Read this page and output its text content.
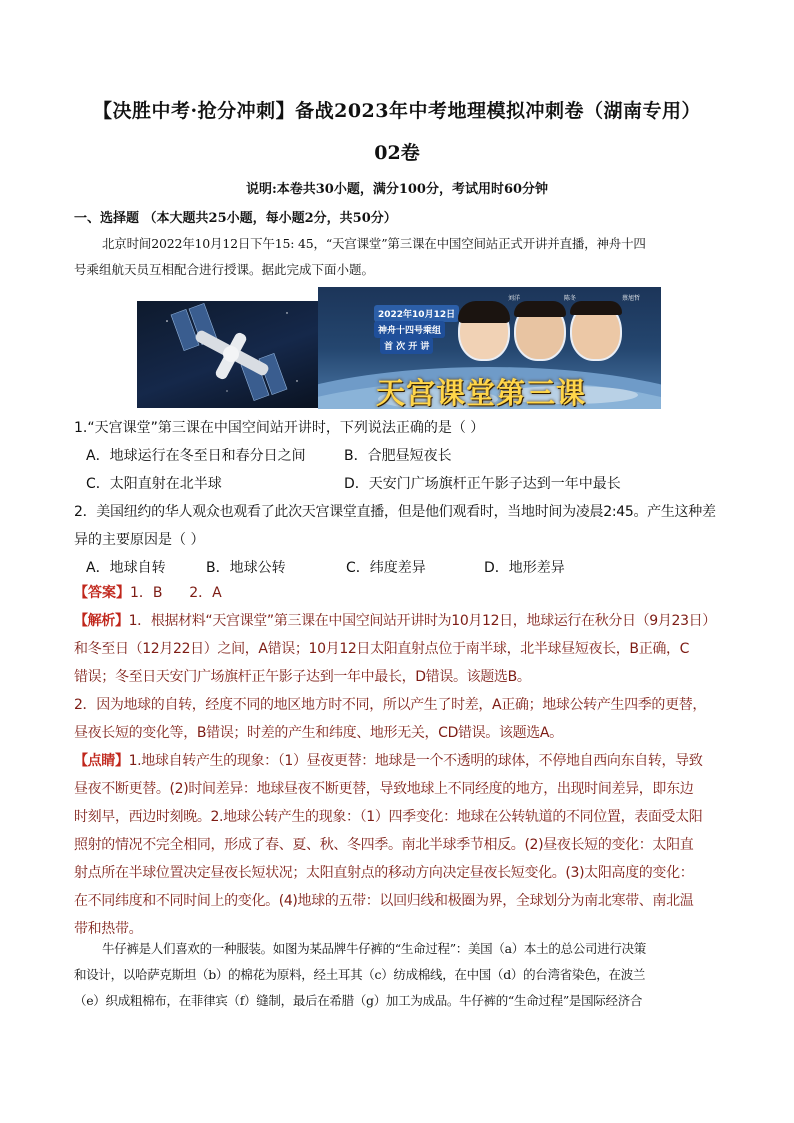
【决胜中考·抢分冲刺】备战2023年中考地理模拟冲刺卷（湖南专用）
02卷
说明:本卷共30小题，满分100分，考试用时60分钟
一、选择题 （本大题共25小题，每小题2分，共50分）
北京时间2022年10月12日下午15: 45，“天宫课堂”第三课在中国空间站正式开讲并直播，神舟十四
号乘组航天员互相配合进行授课。据此完成下面小题。
2022年10月12日
神舟十四号乘组
首 次 开 讲
刘洋	陈冬	蔡旭哲
天宫课堂第三课
1.“天宫课堂”第三课在中国空间站开讲时，下列说法正确的是（ ）
A．地球运行在冬至日和春分日之间	B．合肥昼短夜长
C．太阳直射在北半球	D．天安门广场旗杆正午影子达到一年中最长
2．美国纽约的华人观众也观看了此次天宫课堂直播，但是他们观看时，当地时间为凌晨2:45。产生这种差
异的主要原因是（ ）
A．地球自转	B．地球公转	C．纬度差异	D．地形差异
【答案】1．B      2．A
【解析】1．根据材料“天宫课堂”第三课在中国空间站开讲时为10月12日，地球运行在秋分日（9月23日）
和冬至日（12月22日）之间，A错误；10月12日太阳直射点位于南半球，北半球昼短夜长，B正确，C
错误；冬至日天安门广场旗杆正午影子达到一年中最长，D错误。该题选B。
2．因为地球的自转，经度不同的地区地方时不同，所以产生了时差，A正确；地球公转产生四季的更替，
昼夜长短的变化等，B错误；时差的产生和纬度、地形无关，CD错误。该题选A。
【点睛】1.地球自转产生的现象：（1）昼夜更替：地球是一个不透明的球体，不停地自西向东自转，导致
昼夜不断更替。(2)时间差异：地球昼夜不断更替，导致地球上不同经度的地方，出现时间差异，即东边
时刻早，西边时刻晚。2.地球公转产生的现象：（1）四季变化：地球在公转轨道的不同位置，表面受太阳
照射的情况不完全相同，形成了春、夏、秋、冬四季。南北半球季节相反。(2)昼夜长短的变化：太阳直
射点所在半球位置决定昼夜长短状况；太阳直射点的移动方向决定昼夜长短变化。(3)太阳高度的变化：
在不同纬度和不同时间上的变化。(4)地球的五带：以回归线和极圈为界，全球划分为南北寒带、南北温
带和热带。
牛仔裤是人们喜欢的一种服装。如图为某品牌牛仔裤的“生命过程”：美国（a）本土的总公司进行决策
和设计，以哈萨克斯坦（b）的棉花为原料，经土耳其（c）纺成棉线，在中国（d）的台湾省染色，在波兰
（e）织成粗棉布，在菲律宾（f）缝制，最后在希腊（g）加工为成品。牛仔裤的“生命过程”是国际经济合
